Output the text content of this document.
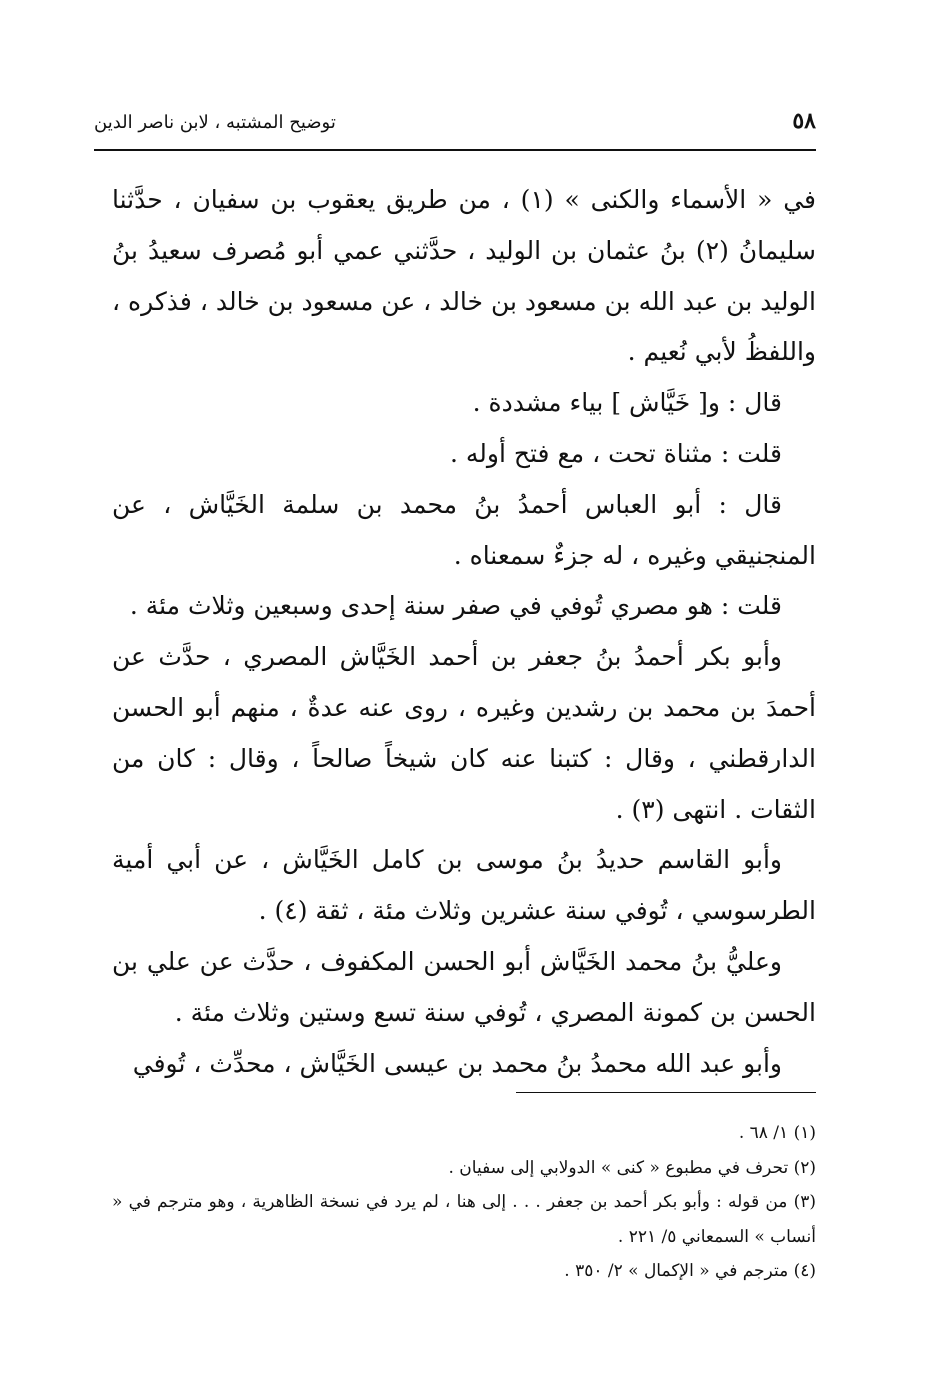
٥٨
توضيح المشتبه ، لابن ناصر الدين

في « الأسماء والكنى » (١) ، من طريق يعقوب بن سفيان ، حدَّثنا سليمانُ (٢) بنُ عثمان بن الوليد ، حدَّثني عمي أبو مُصرف سعيدُ بنُ الوليد بن عبد الله بن مسعود بن خالد ، عن مسعود بن خالد ، فذكره ، واللفظُ لأبي نُعيم .

قال : و[ خَيَّاش ] بياء مشددة .

قلت : مثناة تحت ، مع فتح أوله .

قال : أبو العباس أحمدُ بنُ محمد بن سلمة الخَيَّاش ، عن المنجنيقي وغيره ، له جزءٌ سمعناه .

قلت : هو مصري تُوفي في صفر سنة إحدى وسبعين وثلاث مئة .

وأبو بكر أحمدُ بنُ جعفر بن أحمد الخَيَّاش المصري ، حدَّث عن أحمدَ بن محمد بن رشدين وغيره ، روى عنه عدةٌ ، منهم أبو الحسن الدارقطني ، وقال : كتبنا عنه كان شيخاً صالحاً ، وقال : كان من الثقات . انتهى (٣) .

وأبو القاسم حديدُ بنُ موسى بن كامل الخَيَّاش ، عن أبي أمية الطرسوسي ، تُوفي سنة عشرين وثلاث مئة ، ثقة (٤) .

وعليُّ بنُ محمد الخَيَّاش أبو الحسن المكفوف ، حدَّث عن علي بن الحسن بن كمونة المصري ، تُوفي سنة تسع وستين وثلاث مئة .

وأبو عبد الله محمدُ بنُ محمد بن عيسى الخَيَّاش ، محدِّث ، تُوفي

(١) ١/ ٦٨ .

(٢) تحرف في مطبوع « كنى » الدولابي إلى سفيان .

(٣) من قوله : وأبو بكر أحمد بن جعفر . . . إلى هنا ، لم يرد في نسخة الظاهرية ، وهو مترجم في « أنساب » السمعاني ٥/ ٢٢١ .

(٤) مترجم في « الإكمال » ٢/ ٣٥٠ .
